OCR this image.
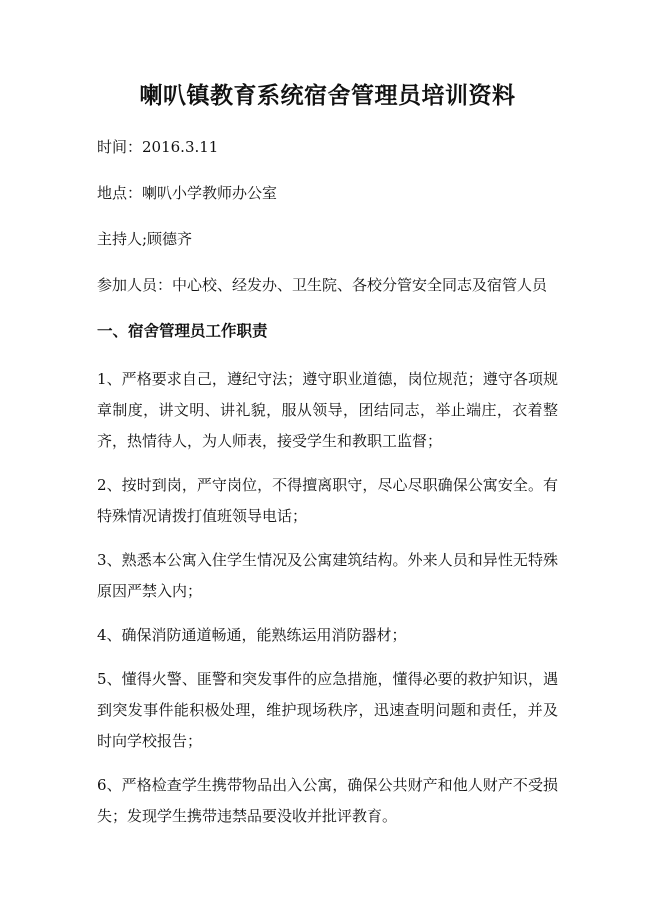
喇叭镇教育系统宿舍管理员培训资料
时间：2016.3.11
地点：喇叭小学教师办公室
主持人;顾德齐
参加人员：中心校、经发办、卫生院、各校分管安全同志及宿管人员
一、宿舍管理员工作职责

1、严格要求自己，遵纪守法；遵守职业道德，岗位规范；遵守各项规章制度，讲文明、讲礼貌，服从领导，团结同志，举止端庄，衣着整齐，热情待人，为人师表，接受学生和教职工监督；

2、按时到岗，严守岗位，不得擅离职守，尽心尽职确保公寓安全。有特殊情况请拨打值班领导电话；

3、熟悉本公寓入住学生情况及公寓建筑结构。外来人员和异性无特殊原因严禁入内；

4、确保消防通道畅通，能熟练运用消防器材；

5、懂得火警、匪警和突发事件的应急措施，懂得必要的救护知识，遇到突发事件能积极处理，维护现场秩序，迅速查明问题和责任，并及时向学校报告；

6、严格检查学生携带物品出入公寓，确保公共财产和他人财产不受损失；发现学生携带违禁品要没收并批评教育。
